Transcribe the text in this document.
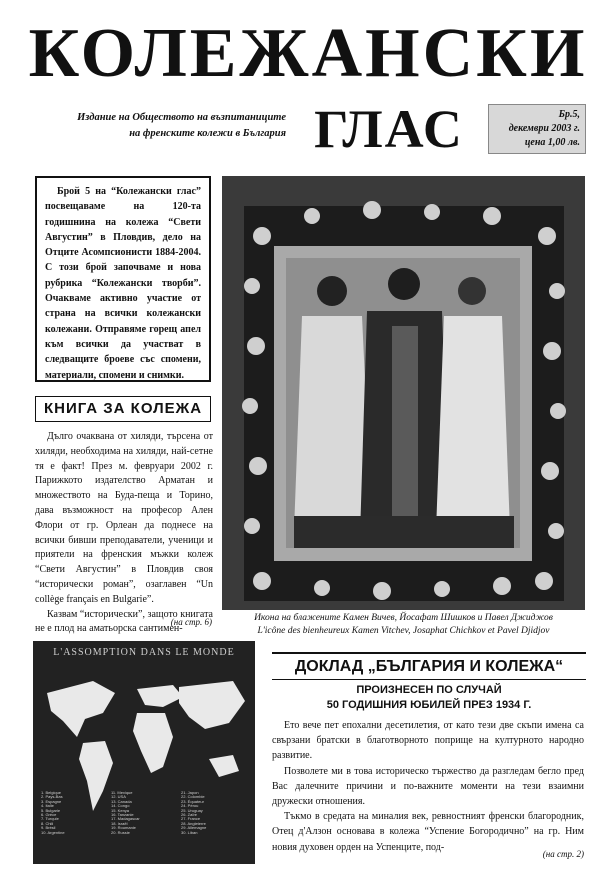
КОЛЕЖАНСКИ
Издание на Обществото на възпитаниците
на френските колежи в България ГЛАС	Бр.5,
декември 2003 г.
цена 1,00 лв.
Брой 5 на “Колежански глас” посвещаваме на 120-та годишнина на колежа “Свети Августин” в Пловдив, дело на Отците Асомпсионисти 1884-2004. С този брой започваме и нова рубрика “Колежански творби”. Очакваме активно участие от страна на всички колежански колежани. Отправяме горещ апел към всички да участват в следващите броеве със спомени, материали, спомени и снимки.
КНИГА ЗА КОЛЕЖА

Дълго очаквана от хиляди, търсена от хиляди, необходима на хиляди, най-сетне тя е факт! През м. февруари 2002 г. Парижкото издателство Арматан и множеството на Буда-пеща и Торино, дава възможност на професор Ален Флори от гр. Орлеан да поднесе на всички бивши преподаватели, ученици и приятели на френския мъжки колеж “Свети Августин” в Пловдив своя “исторически роман”, озаглавен “Un collège français en Bulgarie”.

Казвам “исторически”, защото книгата не е плод на аматьорска сантимен-

(на стр. 6)	Икона на блажените Камен Вичев, Йосафат Шишков и Павел Джиджов
L'icône des bienheureux Kamen Vitchev, Josaphat Chichkov et Pavel Djidjov
L'ASSOMPTION DANS LE MONDE
1. Belgique
2. Pays-Bas
3. Espagne
4. Italie
5. Bulgarie
6. Grèce
7. Turquie
8. Chili
9. Brésil
10. Argentine
11. Mexique
12. USA
13. Canada
14. Congo
15. Kenya
16. Tanzanie
17. Madagascar
18. Israël
19. Roumanie
20. Russie
21. Japon
22. Colombie
23. Équateur
24. Pérou
25. Uruguay
26. Zaïre
27. France
28. Angleterre
29. Allemagne
30. Liban
ДОКЛАД „БЪЛГАРИЯ И КОЛЕЖА“
ПРОИЗНЕСЕН ПО СЛУЧАЙ
50 ГОДИШНИЯ ЮБИЛЕЙ ПРЕЗ 1934 Г.

Ето вече пет епохални десетилетия, от като тези две скъпи имена са свързани братски в благотворното поприще на културното народно развитие.

Позволете ми в това историческо тържество да разгледам бегло пред Вас далечните причини и по-важните моменти на тези взаимни дружески отношения.

Тъкмо в средата на миналия век, ревностният френски благородник, Отец д'Алзон основава в колежа “Успение Богородично” на гр. Ним новия духовен орден на Успенците, под-

(на стр. 2)
